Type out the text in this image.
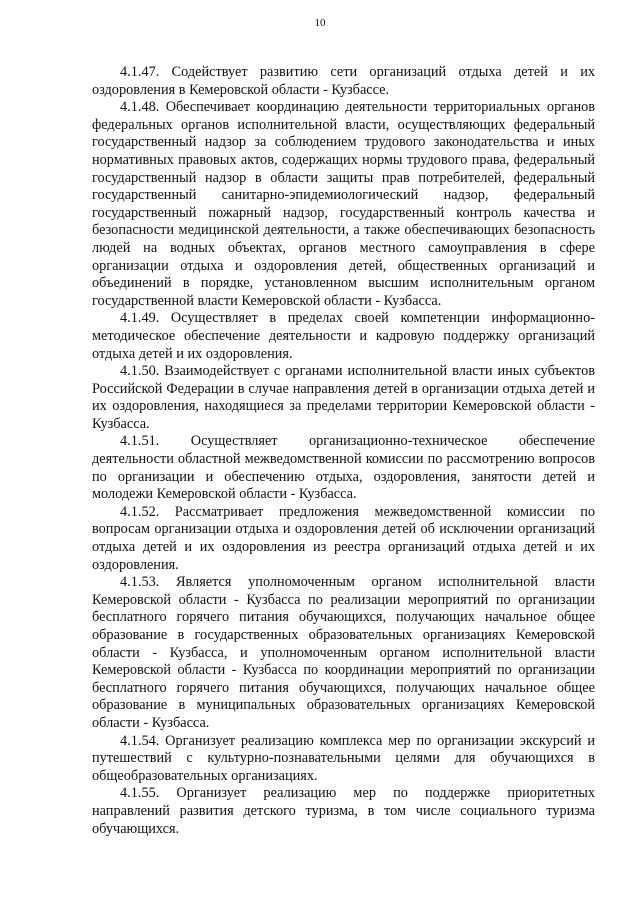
10

4.1.47. Содействует развитию сети организаций отдыха детей и их оздоровления в Кемеровской области - Кузбассе.

4.1.48. Обеспечивает координацию деятельности территориальных органов федеральных органов исполнительной власти, осуществляющих федеральный государственный надзор за соблюдением трудового законодательства и иных нормативных правовых актов, содержащих нормы трудового права, федеральный государственный надзор в области защиты прав потребителей, федеральный государственный санитарно-эпидемиологический надзор, федеральный государственный пожарный надзор, государственный контроль качества и безопасности медицинской деятельности, а также обеспечивающих безопасность людей на водных объектах, органов местного самоуправления в сфере организации отдыха и оздоровления детей, общественных организаций и объединений в порядке, установленном высшим исполнительным органом государственной власти Кемеровской области - Кузбасса.

4.1.49. Осуществляет в пределах своей компетенции информационно-методическое обеспечение деятельности и кадровую поддержку организаций отдыха детей и их оздоровления.

4.1.50. Взаимодействует с органами исполнительной власти иных субъектов Российской Федерации в случае направления детей в организации отдыха детей и их оздоровления, находящиеся за пределами территории Кемеровской области - Кузбасса.

4.1.51. Осуществляет организационно-техническое обеспечение деятельности областной межведомственной комиссии по рассмотрению вопросов по организации и обеспечению отдыха, оздоровления, занятости детей и молодежи Кемеровской области - Кузбасса.

4.1.52. Рассматривает предложения межведомственной комиссии по вопросам организации отдыха и оздоровления детей об исключении организаций отдыха детей и их оздоровления из реестра организаций отдыха детей и их оздоровления.

4.1.53. Является уполномоченным органом исполнительной власти Кемеровской области - Кузбасса по реализации мероприятий по организации бесплатного горячего питания обучающихся, получающих начальное общее образование в государственных образовательных организациях Кемеровской области - Кузбасса, и уполномоченным органом исполнительной власти Кемеровской области - Кузбасса по координации мероприятий по организации бесплатного горячего питания обучающихся, получающих начальное общее образование в муниципальных образовательных организациях Кемеровской области - Кузбасса.

4.1.54. Организует реализацию комплекса мер по организации экскурсий и путешествий с культурно-познавательными целями для обучающихся в общеобразовательных организациях.

4.1.55. Организует реализацию мер по поддержке приоритетных направлений развития детского туризма, в том числе социального туризма обучающихся.
